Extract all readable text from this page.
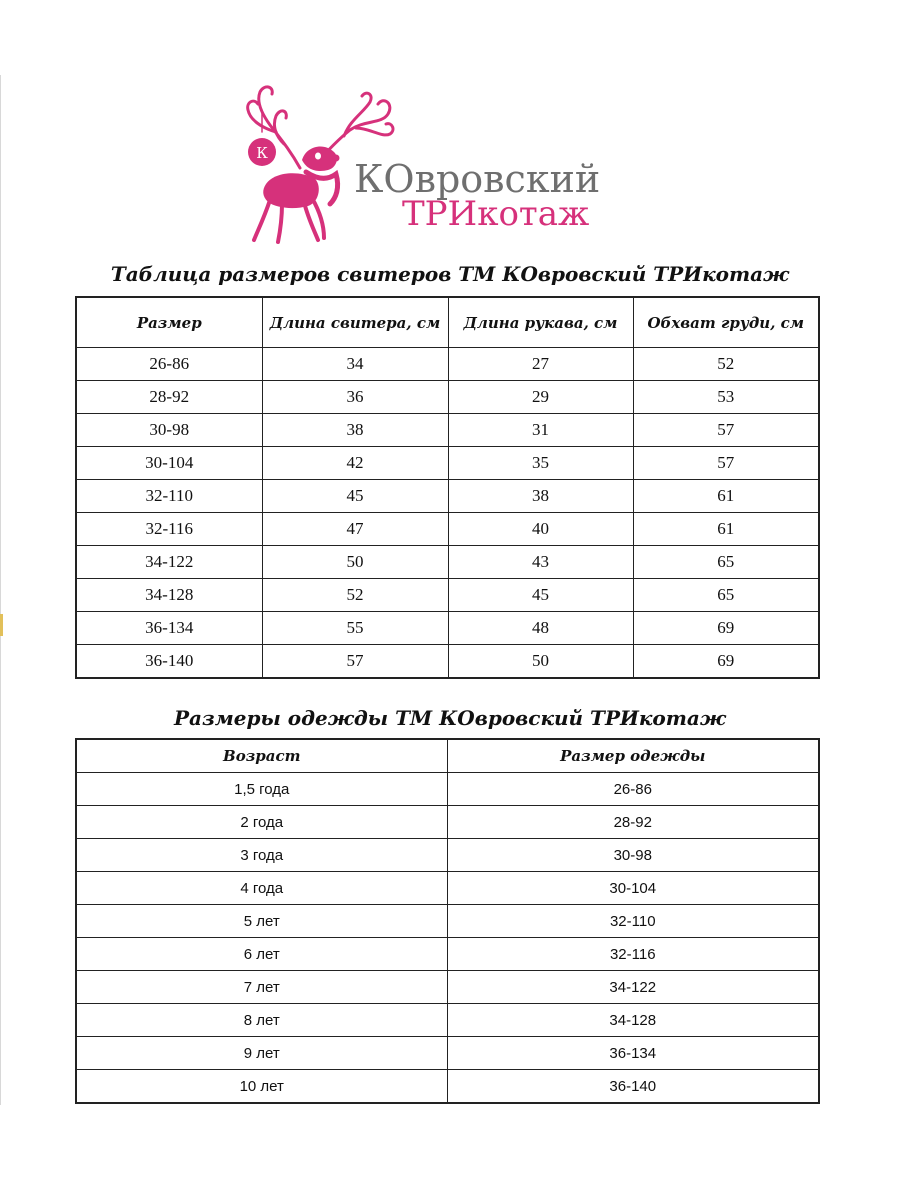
К
КОвровский
ТРИкотаж
Таблица размеров свитеров ТМ КОвровский ТРИкотаж
Размер	Длина свитера, см	Длина рукава, см	Обхват груди, см
26-86	34	27	52
28-92	36	29	53
30-98	38	31	57
30-104	42	35	57
32-110	45	38	61
32-116	47	40	61
34-122	50	43	65
34-128	52	45	65
36-134	55	48	69
36-140	57	50	69
Размеры одежды ТМ КОвровский ТРИкотаж
Возраст	Размер одежды
1,5 года	26-86
2 года	28-92
3 года	30-98
4 года	30-104
5 лет	32-110
6 лет	32-116
7 лет	34-122
8 лет	34-128
9 лет	36-134
10 лет	36-140
